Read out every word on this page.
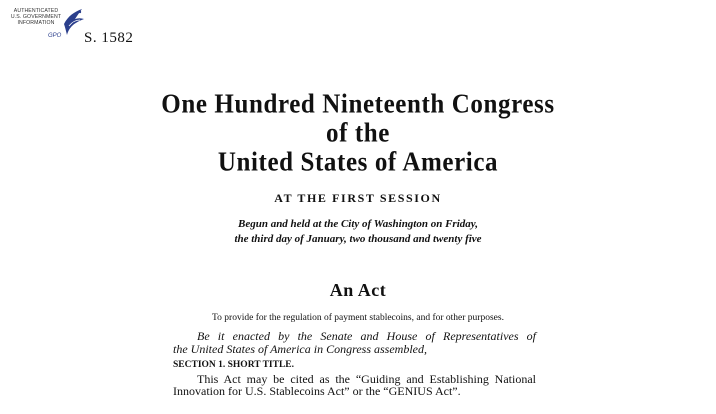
AUTHENTICATED
U.S. GOVERNMENT
INFORMATION
GPO S. 1582
One Hundred Nineteenth Congress
of the
United States of America
AT THE FIRST SESSION
Begun and held at the City of Washington on Friday,
the third day of January, two thousand and twenty five
An Act
To provide for the regulation of payment stablecoins, and for other purposes.
Be it enacted by the Senate and House of Representatives of
the United States of America in Congress assembled,
SECTION 1. SHORT TITLE.
This Act may be cited as the “Guiding and Establishing National Innovation for U.S. Stablecoins Act” or the “GENIUS Act”.
